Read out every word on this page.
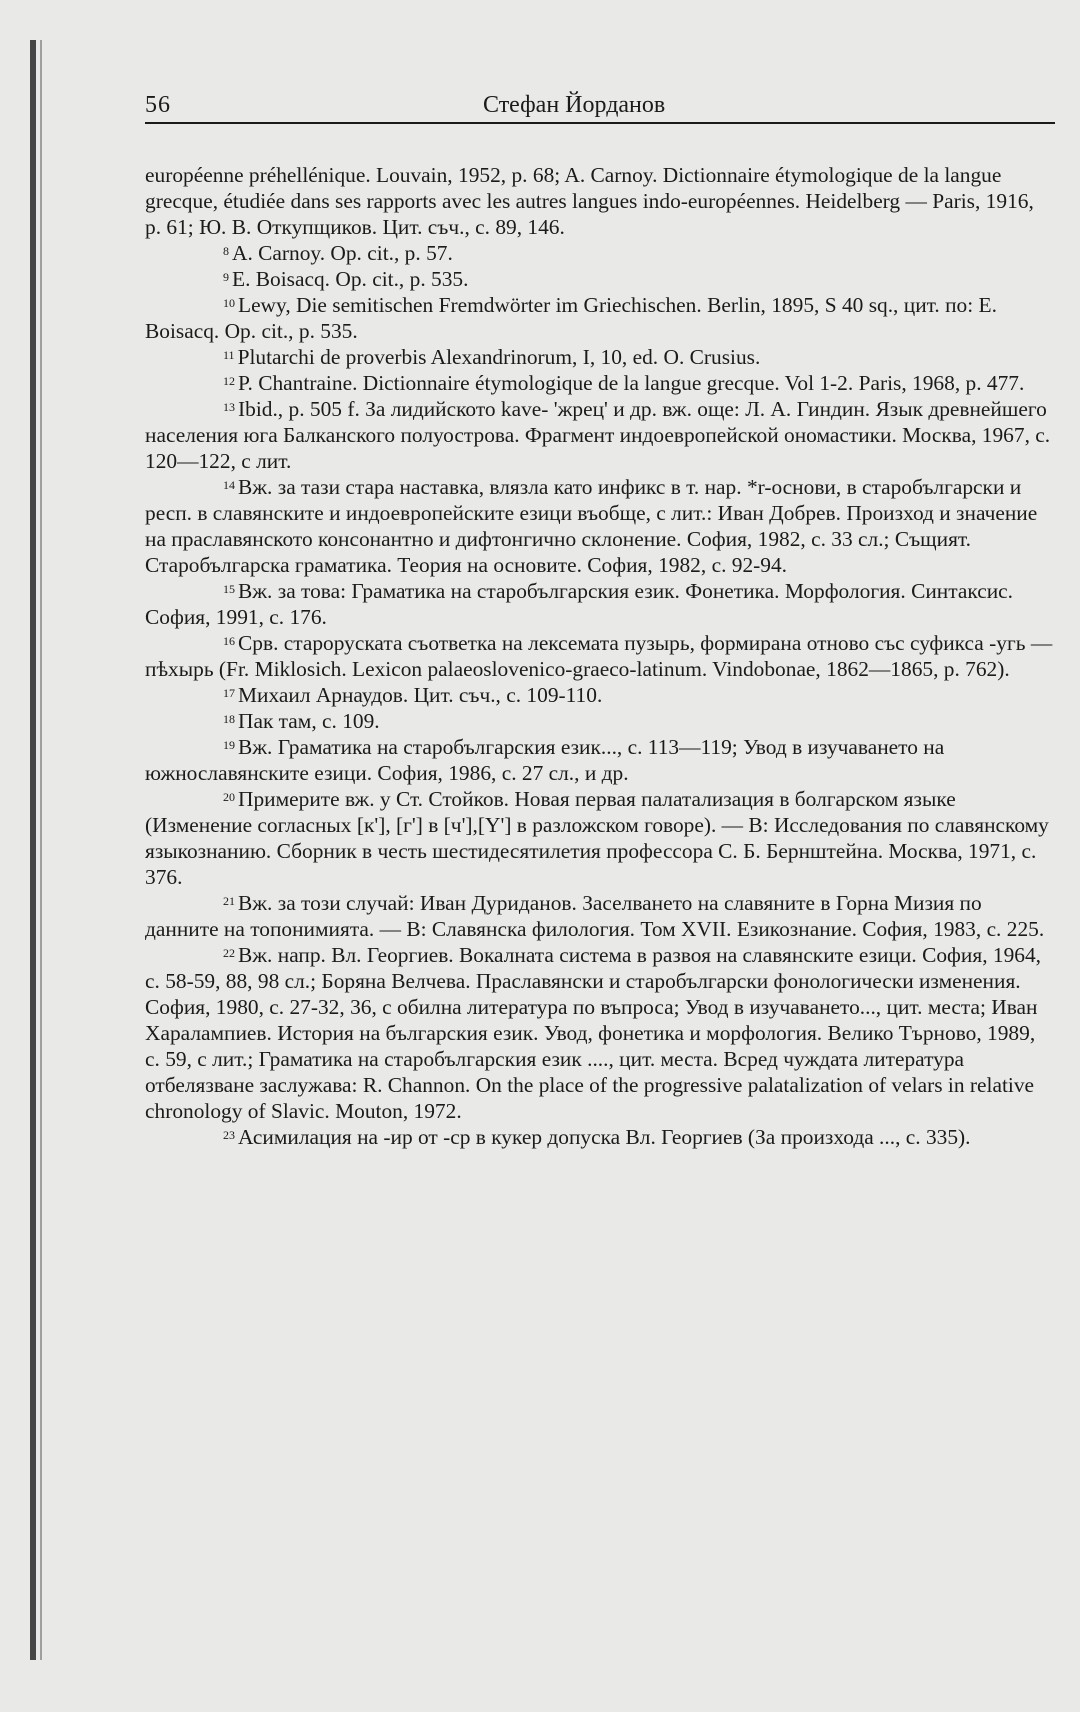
56	Стефан Йорданов

européenne préhellénique. Louvain, 1952, p. 68; A. Carnoy. Dictionnaire étymologique de la langue grecque, étudiée dans ses rapports avec les autres langues indo-européennes. Heidelberg — Paris, 1916, p. 61; Ю. В. Откупщиков. Цит. съч., с. 89, 146.

$^8$ A. Carnoy. Op. cit., p. 57.

$^9$ E. Boisacq. Op. cit., p. 535.

$^{10}$ Lewy, Die semitischen Fremdwörter im Griechischen. Berlin, 1895, S 40 sq., цит. по: E. Boisacq. Op. cit., p. 535.

$^{11}$ Plutarchi de proverbis Alexandrinorum, I, 10, ed. O. Crusius.

$^{12}$ P. Chantraine. Dictionnaire étymologique de la langue grecque. Vol 1-2. Paris, 1968, p. 477.

$^{13}$ Ibid., p. 505 f. За лидийското kave- 'жрец' и др. вж. още: Л. А. Гиндин. Язык древнейшего населения юга Балканского полуострова. Фрагмент индоевропейской ономастики. Москва, 1967, с. 120—122, с лит.

$^{14}$ Вж. за тази стара наставка, влязла като инфикс в т. нар. *r-основи, в старобългарски и респ. в славянските и индоевропейските езици въобще, с лит.: Иван Добрев. Произход и значение на праславянското консонантно и дифтонгично склонение. София, 1982, с. 33 сл.; Същият. Старобългарска граматика. Теория на основите. София, 1982, с. 92-94.

$^{15}$ Вж. за това: Граматика на старобългарския език. Фонетика. Морфология. Синтаксис. София, 1991, с. 176.

$^{16}$ Срв. староруската съответка на лексемата пузырь, формирана отново със суфикса -угь — пѣхырь (Fr. Miklosich. Lexicon palaeoslovenico-graeco-latinum. Vindobonae, 1862—1865, p. 762).

$^{17}$ Михаил Арнаудов. Цит. съч., с. 109-110.

$^{18}$ Пак там, с. 109.

$^{19}$ Вж. Граматика на старобългарския език..., с. 113—119; Увод в изучаването на южнославянските езици. София, 1986, с. 27 сл., и др.

$^{20}$ Примерите вж. у Ст. Стойков. Новая первая палатализация в болгарском языке (Изменение согласных [к'], [г'] в [ч'],[Ү'] в разложском говоре). — В: Исследования по славянскому языкознанию. Сборник в честь шестидесятилетия профессора С. Б. Бернштейна. Москва, 1971, с. 376.

$^{21}$ Вж. за този случай: Иван Дуриданов. Заселването на славяните в Горна Мизия по данните на топонимията. — В: Славянска филология. Том XVII. Езикознание. София, 1983, с. 225.

$^{22}$ Вж. напр. Вл. Георгиев. Вокалната система в развоя на славянските езици. София, 1964, с. 58-59, 88, 98 сл.; Боряна Велчева. Праславянски и старобългарски фонологически изменения. София, 1980, с. 27-32, 36, с обилна литература по въпроса; Увод в изучаването..., цит. места; Иван Харалампиев. История на българския език. Увод, фонетика и морфология. Велико Търново, 1989, с. 59, с лит.; Граматика на старобългарския език ...., цит. места. Всред чуждата литература отбелязване заслужава: R. Channon. On the place of the progressive palatalization of velars in relative chronology of Slavic. Mouton, 1972.

$^{23}$ Асимилация на -ир от -ср в кукер допуска Вл. Георгиев (За произхода ..., с. 335).
